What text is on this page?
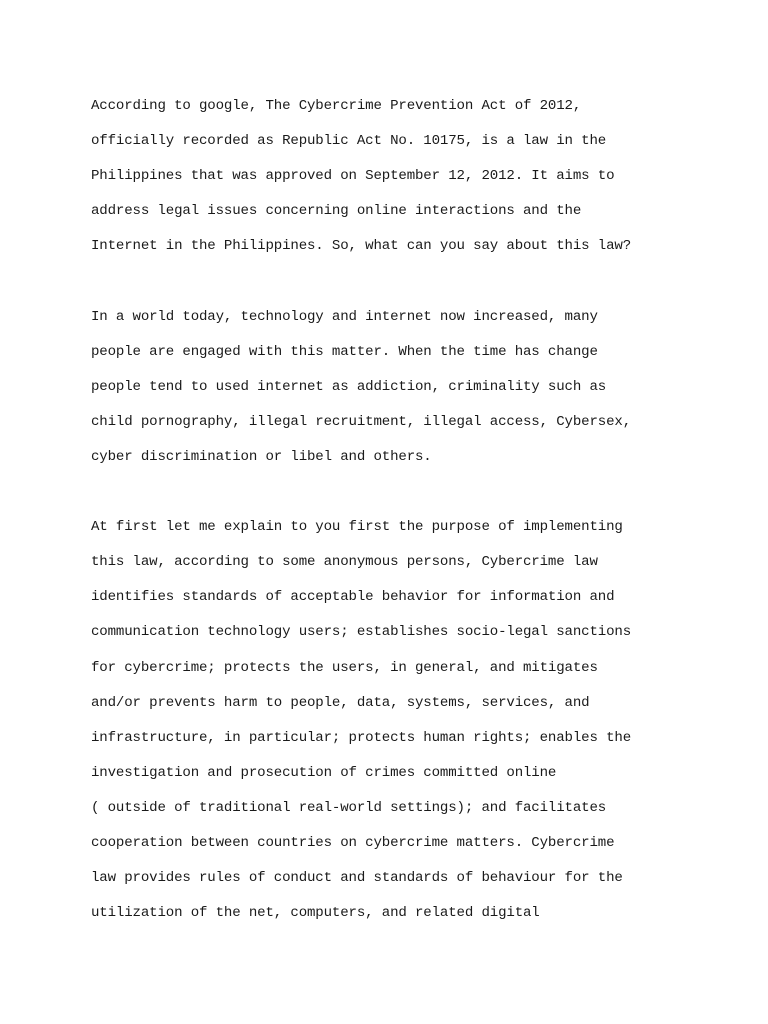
According to google, The Cybercrime Prevention Act of 2012,
officially recorded as Republic Act No. 10175, is a law in the
Philippines that was approved on September 12, 2012. It aims to
address legal issues concerning online interactions and the
Internet in the Philippines. So, what can you say about this law?
In a world today, technology and internet now increased, many
people are engaged with this matter. When the time has change
people tend to used internet as addiction, criminality such as
child pornography, illegal recruitment, illegal access, Cybersex,
cyber discrimination or libel and others.
At first let me explain to you first the purpose of implementing
this law, according to some anonymous persons, Cybercrime law
identifies standards of acceptable behavior for information and
communication technology users; establishes socio-legal sanctions
for cybercrime; protects the users, in general, and mitigates
and/or prevents harm to people, data, systems, services, and
infrastructure, in particular; protects human rights; enables the
investigation and prosecution of crimes committed online
( outside of traditional real-world settings); and facilitates
cooperation between countries on cybercrime matters. Cybercrime
law provides rules of conduct and standards of behaviour for the
utilization of the net, computers, and related digital
